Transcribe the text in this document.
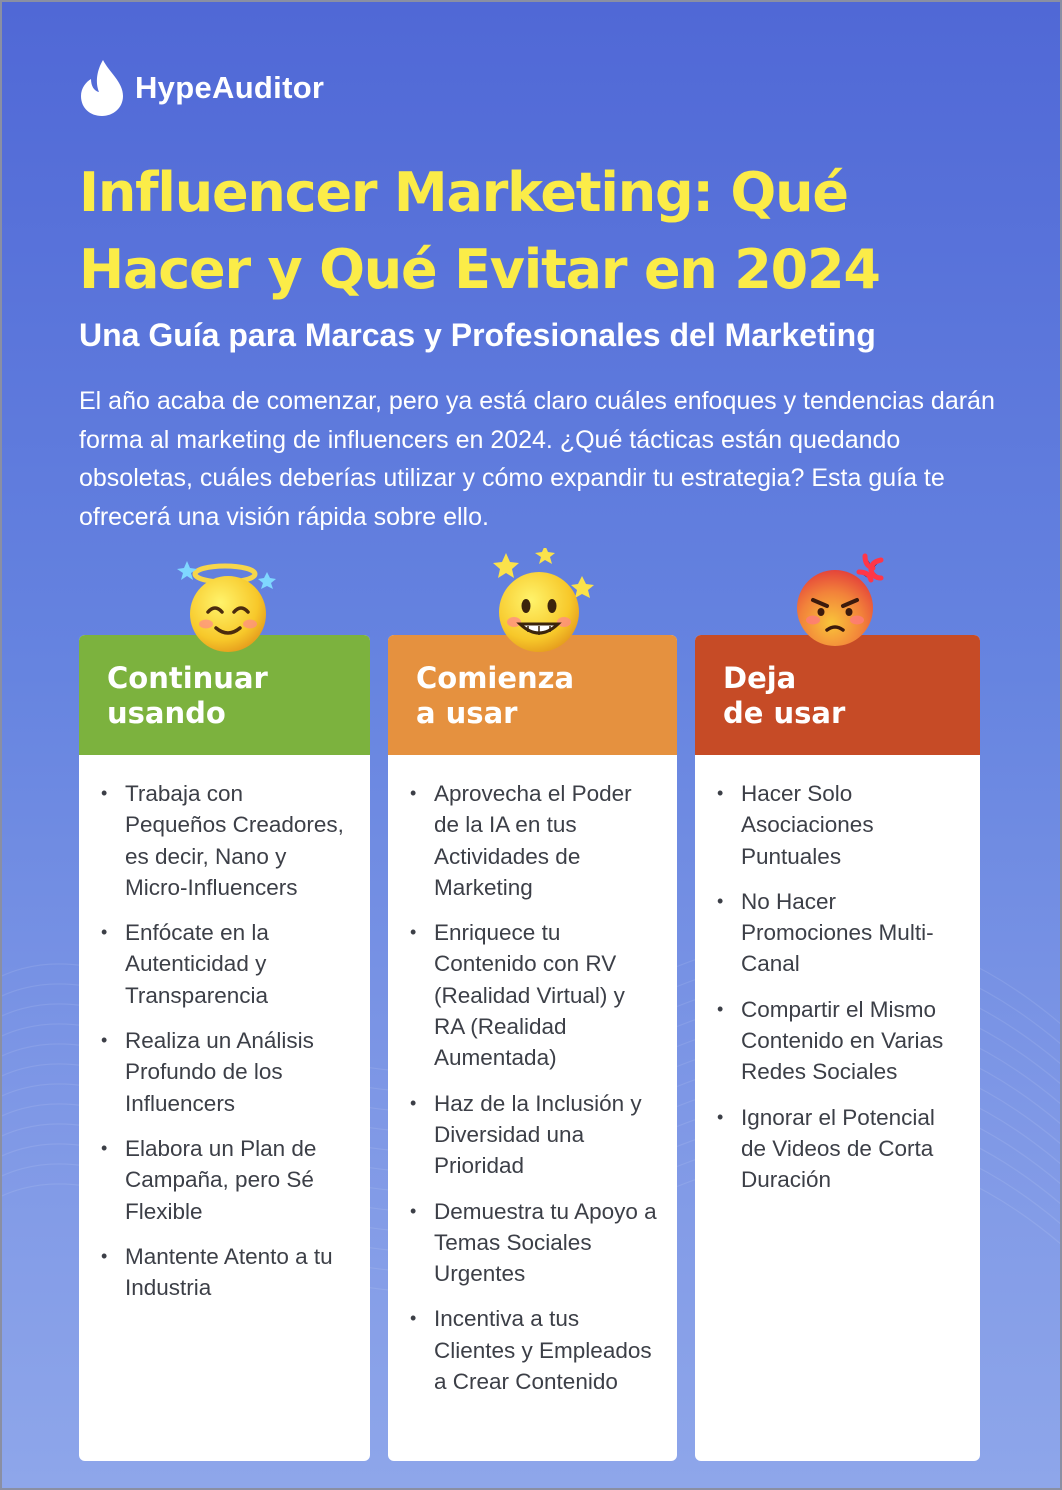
HypeAuditor
Influencer Marketing: Qué
Hacer y Qué Evitar en 2024
Una Guía para Marcas y Profesionales del Marketing

El año acaba de comenzar, pero ya está claro cuáles enfoques y tendencias darán forma al marketing de influencers en 2024. ¿Qué tácticas están quedando obsoletas, cuáles deberías utilizar y cómo expandir tu estrategia? Esta guía te ofrecerá una visión rápida sobre ello.

Continuar
usando
• Trabaja con Pequeños Creadores, es decir, Nano y Micro-Influencers
• Enfócate en la Autenticidad y Transparencia
• Realiza un Análisis Profundo de los Influencers
• Elabora un Plan de Campaña, pero Sé Flexible
• Mantente Atento a tu Industria
Comienza
a usar
• Aprovecha el Poder de la IA en tus Actividades de Marketing
• Enriquece tu Contenido con RV (Realidad Virtual) y RA (Realidad Aumentada)
• Haz de la Inclusión y Diversidad una Prioridad
• Demuestra tu Apoyo a Temas Sociales Urgentes
• Incentiva a tus Clientes y Empleados a Crear Contenido
Deja
de usar
• Hacer Solo Asociaciones Puntuales
• No Hacer Promociones Multi-Canal
• Compartir el Mismo Contenido en Varias Redes Sociales
• Ignorar el Potencial de Videos de Corta Duración
